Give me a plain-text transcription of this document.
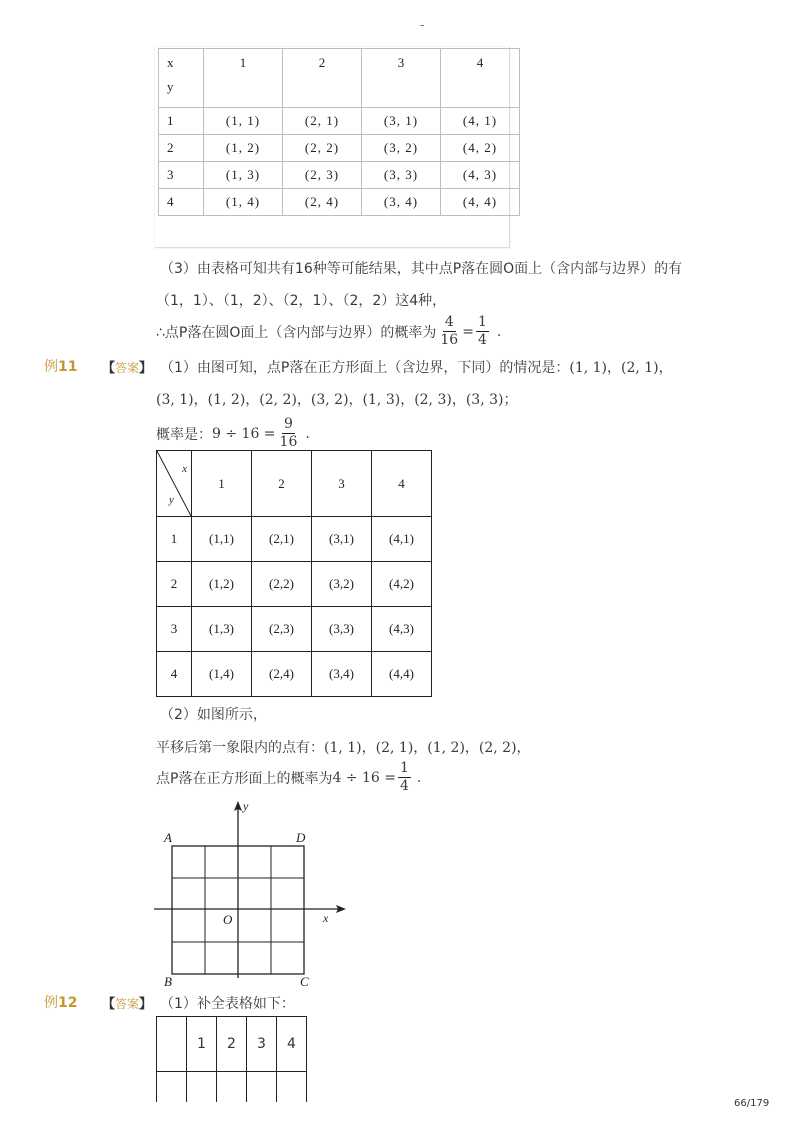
-
x
y	1	2	3	4
1	(1, 1)	(2, 1)	(3, 1)	(4, 1)
2	(1, 2)	(2, 2)	(3, 2)	(4, 2)
3	(1, 3)	(2, 3)	(3, 3)	(4, 3)
4	(1, 4)	(2, 4)	(3, 4)	(4, 4)
（3）由表格可知共有16种等可能结果，其中点P落在圆O面上（含内部与边界）的有
（1，1）、（1，2）、（2，1）、（2，2）这4种，
∴点P落在圆O面上（含内部与边界）的概率为 $\frac{4}{16} = \frac{1}{4}$ .
例11 【答案】 （1）由图可知，点P落在正方形面上（含边界，下同）的情况是：(1, 1)，(2, 1)，
(3, 1)，(1, 2)，(2, 2)，(3, 2)，(1, 3)，(2, 3)，(3, 3)；
概率是： $9 \div 16 = \frac{9}{16}$ .
x
y	1	2	3	4
1	(1,1)	(2,1)	(3,1)	(4,1)
2	(1,2)	(2,2)	(3,2)	(4,2)
3	(1,3)	(2,3)	(3,3)	(4,3)
4	(1,4)	(2,4)	(3,4)	(4,4)
（2）如图所示，
平移后第一象限内的点有：(1, 1)，(2, 1)，(1, 2)，(2, 2)，
点P落在正方形面上的概率为 $4 \div 16 = \frac{1}{4}$ .
A	D
B	C
O	x
y
例12 【答案】 （1）补全表格如下：
	1	2	3	4

66/179
